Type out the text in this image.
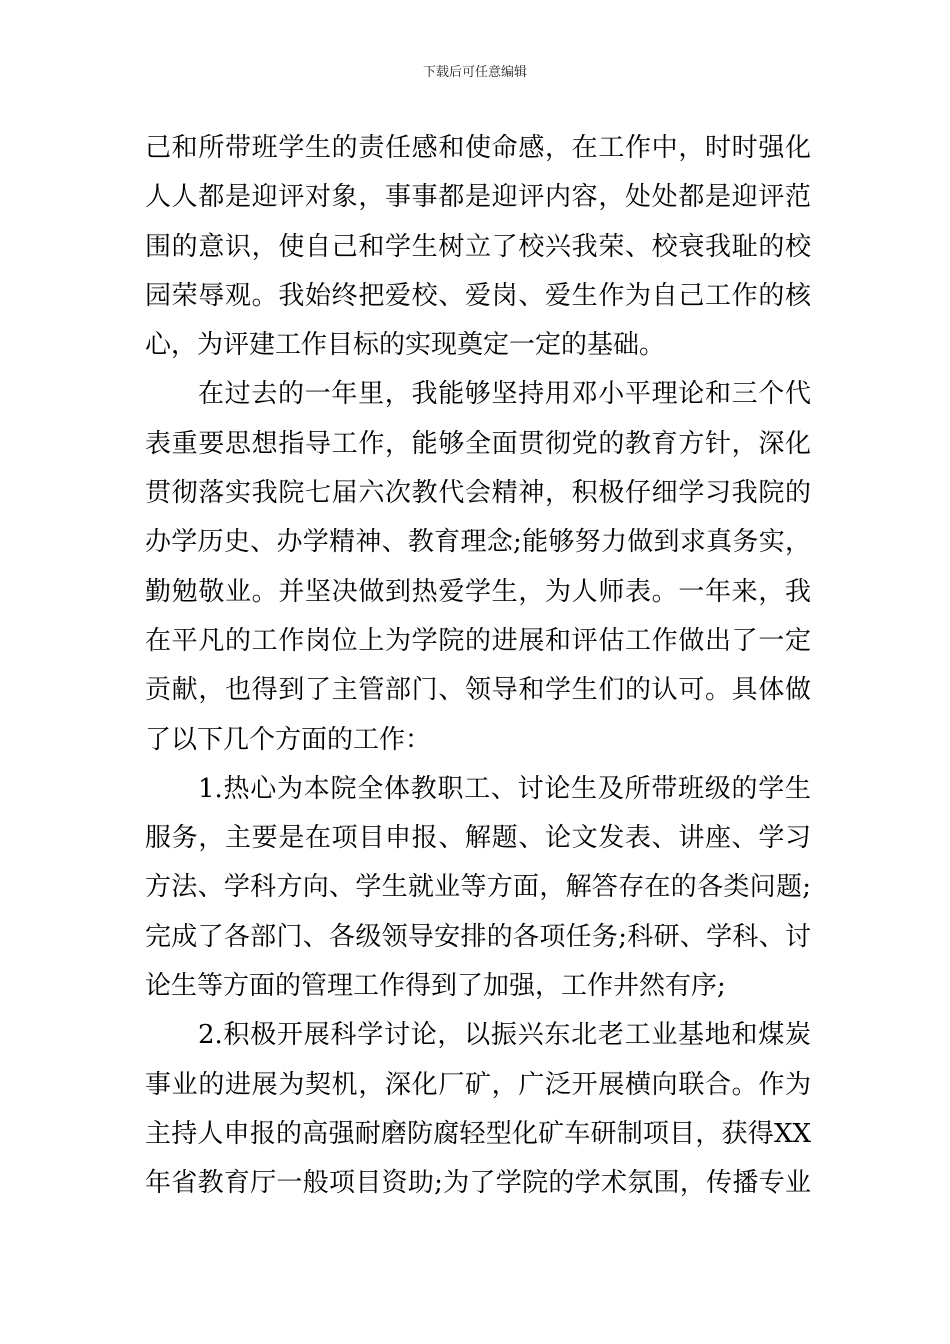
下载后可任意编辑
己和所带班学生的责任感和使命感，在工作中，时时强化
人人都是迎评对象，事事都是迎评内容，处处都是迎评范
围的意识，使自己和学生树立了校兴我荣、校衰我耻的校
园荣辱观。我始终把爱校、爱岗、爱生作为自己工作的核
心，为评建工作目标的实现奠定一定的基础。
在过去的一年里，我能够坚持用邓小平理论和三个代
表重要思想指导工作，能够全面贯彻党的教育方针，深化
贯彻落实我院七届六次教代会精神，积极仔细学习我院的
办学历史、办学精神、教育理念;能够努力做到求真务实，
勤勉敬业。并坚决做到热爱学生，为人师表。一年来，我
在平凡的工作岗位上为学院的进展和评估工作做出了一定
贡献，也得到了主管部门、领导和学生们的认可。具体做
了以下几个方面的工作：
1.热心为本院全体教职工、讨论生及所带班级的学生
服务，主要是在项目申报、解题、论文发表、讲座、学习
方法、学科方向、学生就业等方面，解答存在的各类问题;
完成了各部门、各级领导安排的各项任务;科研、学科、讨
论生等方面的管理工作得到了加强，工作井然有序;
2.积极开展科学讨论，以振兴东北老工业基地和煤炭
事业的进展为契机，深化厂矿，广泛开展横向联合。作为
主持人申报的高强耐磨防腐轻型化矿车研制项目，获得XX
年省教育厅一般项目资助;为了学院的学术氛围，传播专业
